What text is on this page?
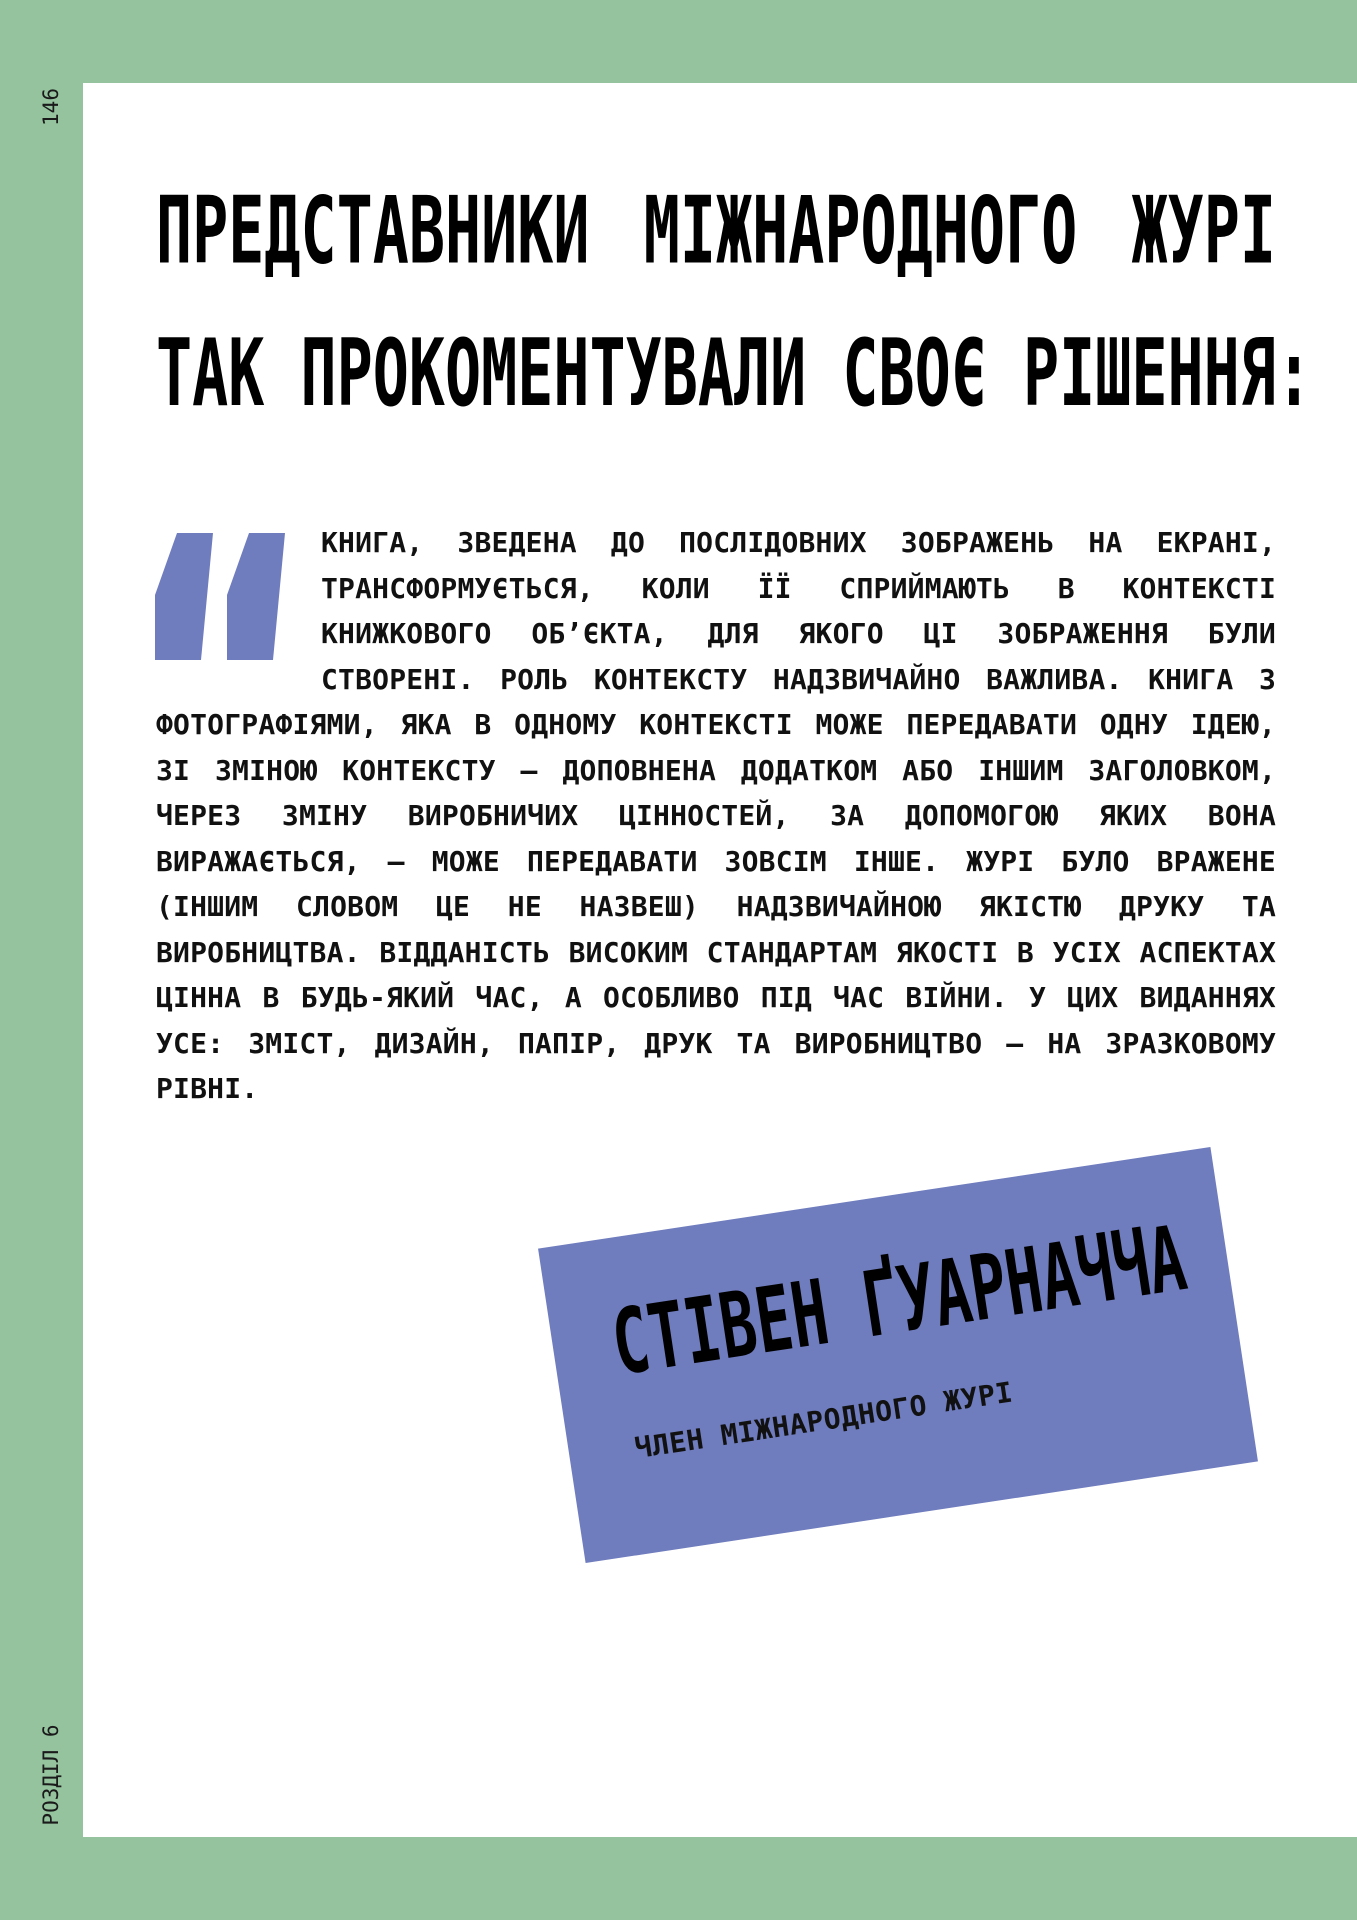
146
РОЗДІЛ 6
ПРЕДСТАВНИКИ МІЖНАРОДНОГО ЖУРІ
ТАК ПРОКОМЕНТУВАЛИ СВОЄ РІШЕННЯ:
КНИГА, ЗВЕДЕНА ДО ПОСЛІДОВНИХ ЗОБРАЖЕНЬ НА ЕКРАНІ, ТРАНСФОРМУЄТЬСЯ, КОЛИ ЇЇ СПРИЙМАЮТЬ В КОНТЕКСТІ КНИЖКОВОГО ОБ’ЄКТА, ДЛЯ ЯКОГО ЦІ ЗОБРАЖЕННЯ БУЛИ СТВОРЕНІ. РОЛЬ КОНТЕКСТУ НАДЗВИЧАЙНО ВАЖЛИВА. КНИГА З ФОТОГРАФІЯМИ, ЯКА В ОДНОМУ КОНТЕКСТІ МОЖЕ ПЕРЕДАВАТИ ОДНУ ІДЕЮ, ЗІ ЗМІНОЮ КОНТЕКСТУ — ДОПОВНЕНА ДОДАТКОМ АБО ІНШИМ ЗАГОЛОВКОМ, ЧЕРЕЗ ЗМІНУ ВИРОБНИЧИХ ЦІННОСТЕЙ, ЗА ДОПОМОГОЮ ЯКИХ ВОНА ВИРАЖАЄТЬСЯ, — МОЖЕ ПЕРЕДАВАТИ ЗОВСІМ ІНШЕ. ЖУРІ БУЛО ВРАЖЕНЕ (ІНШИМ СЛОВОМ ЦЕ НЕ НАЗВЕШ) НАДЗВИЧАЙНОЮ ЯКІСТЮ ДРУКУ ТА ВИРОБНИЦТВА. ВІДДАНІСТЬ ВИСОКИМ СТАНДАРТАМ ЯКОСТІ В УСІХ АСПЕКТАХ ЦІННА В БУДЬ-ЯКИЙ ЧАС, А ОСОБЛИВО ПІД ЧАС ВІЙНИ. У ЦИХ ВИДАННЯХ УСЕ: ЗМІСТ, ДИЗАЙН, ПАПІР, ДРУК ТА ВИРОБНИЦТВО — НА ЗРАЗКОВОМУ РІВНІ.
СТІВЕН ҐУАРНАЧЧА
ЧЛЕН МІЖНАРОДНОГО ЖУРІ
